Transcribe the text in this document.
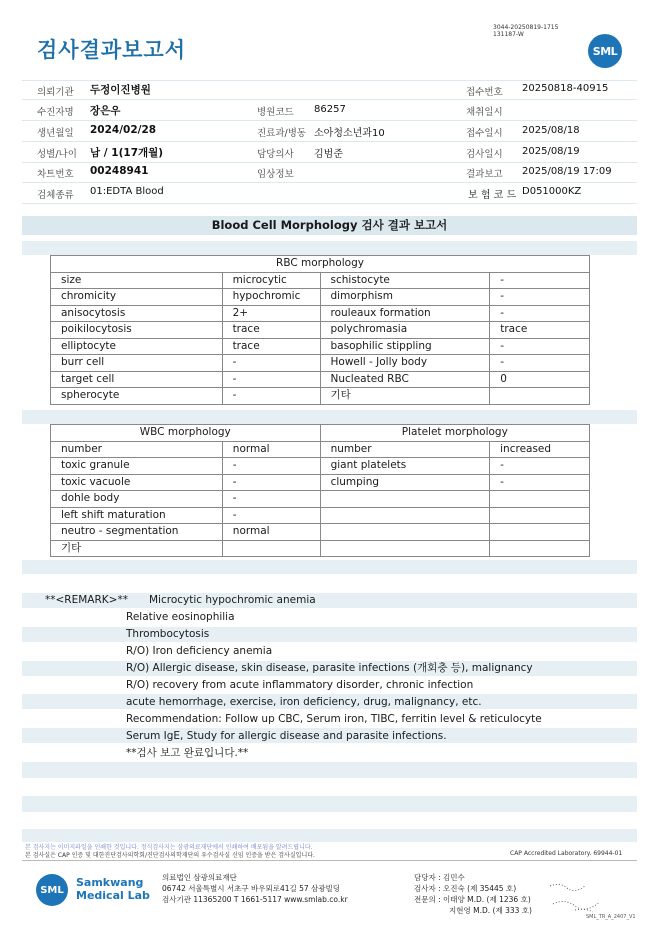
검사결과보고서
3044-20250819-1715
131187-W
SML
의뢰기관 두정이진병원	접수번호 20250818-40915
수진자명 장은우	병원코드 86257	채취일시
생년월일 2024/02/28	진료과/병동 소아청소년과10	접수일시 2025/08/18
성별/나이 남 / 1(17개월)	담당의사 김범준	검사일시 2025/08/19
차트번호 00248941	임상정보	결과보고 2025/08/19 17:09
검체종류 01:EDTA Blood	보 험 코 드 D051000KZ
Blood Cell Morphology 검사 결과 보고서
RBC morphology			
size	microcytic	schistocyte	-
chromicity	hypochromic	dimorphism	-
anisocytosis	2+	rouleaux formation	-
poikilocytosis	trace	polychromasia	trace
elliptocyte	trace	basophilic stippling	-
burr cell	-	Howell - Jolly body	-
target cell	-	Nucleated RBC	0
spherocyte	-	기타	
WBC morphology		Platelet morphology	
number	normal	number	increased
toxic granule	-	giant platelets	-
toxic vacuole	-	clumping	-
dohle body	-		
left shift maturation	-		
neutro - segmentation	normal		
기타			
**<REMARK>**	Microcytic hypochromic anemia
Relative eosinophilia
Thrombocytosis
R/O) Iron deficiency anemia
R/O) Allergic disease, skin disease, parasite infections (개회충 등), malignancy
R/O) recovery from acute inflammatory disorder, chronic infection
acute hemorrhage, exercise, iron deficiency, drug, malignancy, etc.
Recommendation: Follow up CBC, Serum iron, TIBC, ferritin level & reticulocyte
Serum IgE, Study for allergic disease and parasite infections.
**검사 보고 완료입니다.**
본 검사지는 이미지파일을 인쇄한 것입니다. 정식검사지는 삼광의료재단에서 인쇄하여 배포됨을 알려드립니다.
본 검사실은 CAP 인증 및 대한진단검사의학회/진단검사의학재단의 우수검사실 신임 인증을 받은 검사실입니다.	CAP Accredited Laboratory. 69944-01
SML
Samkwang
Medical Lab
의료법인 삼광의료재단
06742 서울특별시 서초구 바우뫼로41길 57 삼광빌딩
검사기관 11365200 T 1661-5117 www.smlab.co.kr
담당자 : 김민수
검사자 : 오진숙 (제 35445 호)
전문의 : 이태양 M.D. (제 1236 호)
지현영 M.D. (제 333 호)
SML_TR_A_2407_V1
